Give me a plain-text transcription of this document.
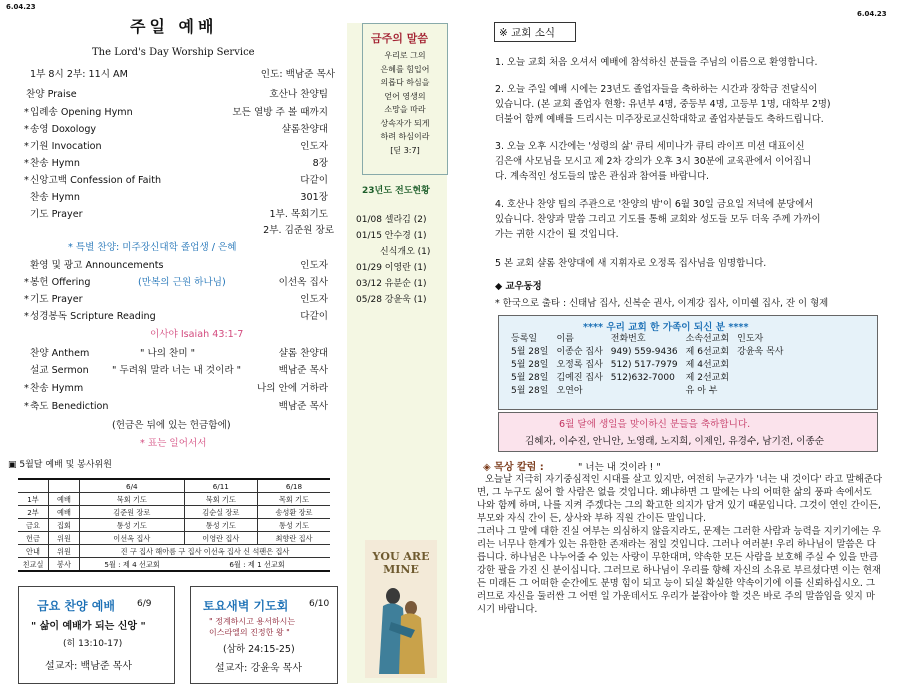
6.04.23
6.04.23
주일 예배
The Lord's Day Worship Service
1부 8시 2부: 11시 AM	인도: 백남준 목사
찬양 Praise	호산나 찬양팀
* 입례송 Opening Hymn	모든 열방 주 볼 때까지
* 송영 Doxology	샬롬찬양대
* 기원 Invocation	인도자
* 찬송 Hymn	8장
* 신앙고백 Confession of Faith	다같이
찬송 Hymn	301장
기도 Prayer	1부. 목회기도
2부. 김준원 장로
* 특별 찬양: 미주장신대학 졸업생 / 은혜
환영 및 광고 Announcements	인도자
* 봉헌 Offering	(만복의 근원 하나님)	이선옥 집사
* 기도 Prayer	인도자
* 성경봉독 Scripture Reading	다같이
이사야 Isaiah 43:1-7
찬양 Anthem	" 나의 찬미 "	샬롬 찬양대
설교 Sermon " 두려워 말라 너는 내 것이라 "	백남준 목사
* 찬송 Hymm	나의 안에 거하라
* 축도 Benediction	백남준 목사
(헌금은 뒤에 있는 헌금함에)
* 표는 일어서서
▣ 5월달 예배 및 봉사위원
		6/4	6/11	6/18
1부	예배	묵회 기도	묵회 기도	목회 기도
2부	예배	김준원 장로	김순실 장로	송성환 장로
금요	집회	통성 기도	통성 기도	통성 기도
헌금	위원	이선옥 집사	이영란 집사	최향란 집사
안내	위원	진 구 집사 해아름 구 집사 이선옥 집사 신 석팬은 집사		
친교실	봉사	5월 : 제 4 선교회	6월 : 제 1 선교회	
금요 찬양 예배 6/9
" 삶이 예배가 되는 신앙 "
(히 13:10-17)
설교자: 백남준 목사
토요새벽 기도회 6/10
" 정계하시고 용서하시는
이스라엘의 진정한 왕 "
(삼하 24:15-25)
설교자: 강윤욱 목사
금주의 말씀
우리로 그의
은혜를 힘입어
의롭다 하심을
얻어 영생의
소망을 따라
상속자가 되게
하려 하심이라
[딛 3:7]
23년도 전도현황
01/08 셀라김 (2)
01/15 안수경 (1)
신식개오 (1)
01/29 이영란 (1)
03/12 유분순 (1)
05/28 강윤욱 (1)
YOU ARE
MINE
※ 교회 소식
1. 오늘 교회 처음 오셔서 예배에 참석하신 분들을 주님의 이름으로 환영합니다.
2. 오늘 주일 예배 시에는 23년도 졸업자들을 축하하는 시간과 장학금 전달식이
있습니다. (본 교회 졸업자 현황: 유년부 4명, 중등부 4명, 고등부 1명, 대학부 2명)
더불어 함께 예배를 드리시는 미주장로교신학대학교 졸업자분들도 축하드립니다.
3. 오늘 오후 시간에는 '성령의 삶' 큐티 세미나가 큐티 라이프 미션 대표이신
김은애 사모님을 모시고 제 2차 강의가 오후 3시 30분에 교육관에서 이어집니
다. 계속적인 성도들의 많은 관심과 참여를 바랍니다.
4. 호산나 찬양 팀의 주관으로 '찬양의 밤'이 6월 30일 금요일 저녁에 분당에서
있습니다. 찬양과 말씀 그리고 기도를 통해 교회와 성도들 모두 더욱 주께 가까이
가는 귀한 시간이 될 것입니다.
5 본 교회 샬롬 찬양대에 새 지휘자로 오정록 집사님을 임명합니다.
◆ 교우동정
* 한국으로 출타 : 신태남 집사, 신복순 권사, 이계강 집사, 이미쉘 집사, 잔 이 형제
**** 우리 교회 한 가족이 되신 분 ****
등록일	이름	전화번호	소속선교회	인도자
5월 28일	이종순 집사	949) 559-9436	제 6선교회	강윤욱 목사
5월 28일	오정록 집사	512) 517-7979	제 4선교회	
5월 28일	김예진 집사	512)632-7000	제 2선교회	
5월 28일	오연아		유 아 부	
6월 달에 생일을 맞이하신 분들을 축하합니다.
김혜자, 이수진, 안니안, 노영래, 노지희, 이제인, 유경수, 남기전, 이종순
◈ 목상 칼럼 :	" 너는 내 것이라 ! "

오늘날 지극히 자기중심적인 시대를 살고 있지만, 여전히 누군가가 '너는 내 것이다' 라고 말해준다면, 그 누구도 싫어 할 사람은 없을 것입니다. 왜냐하면 그 말에는 나의 어떠한 삶의 풍파 속에서도 나와 함께 하며, 나를 지켜 주겠다는 그의 확고한 의지가 담겨 있기 때문입니다. 그것이 연인 간이든, 부모와 자식 간이 든, 상사와 부하 직원 간이든 말입니다.

그러나 그 말에 대한 진실 여부는 의심하지 않을지라도, 문제는 그러한 사람과 능력을 지키기에는 우리는 너무나 한계가 있는 유한한 존재라는 점일 것입니다. 그러나 여러분! 우리 하나님이 말씀은 다릅니다. 하나님은 나누어줄 수 있는 사랑이 무한대며, 약속한 모든 사람을 보호해 주실 수 있을 만큼 강한 팔을 가진 신 분이십니다. 그러므로 하나님이 우리를 향해 자신의 소유로 부르셨다면 이는 현재든 미래든 그 어떠한 순간에도 분명 힘이 되고 능이 되실 확실한 약속이기에 이를 신뢰하십시오. 그러므로 자신을 둘러싼 그 어떤 일 가운데서도 우리가 붙잡아야 할 것은 바로 주의 말씀임을 잊지 마시기 바랍니다.
